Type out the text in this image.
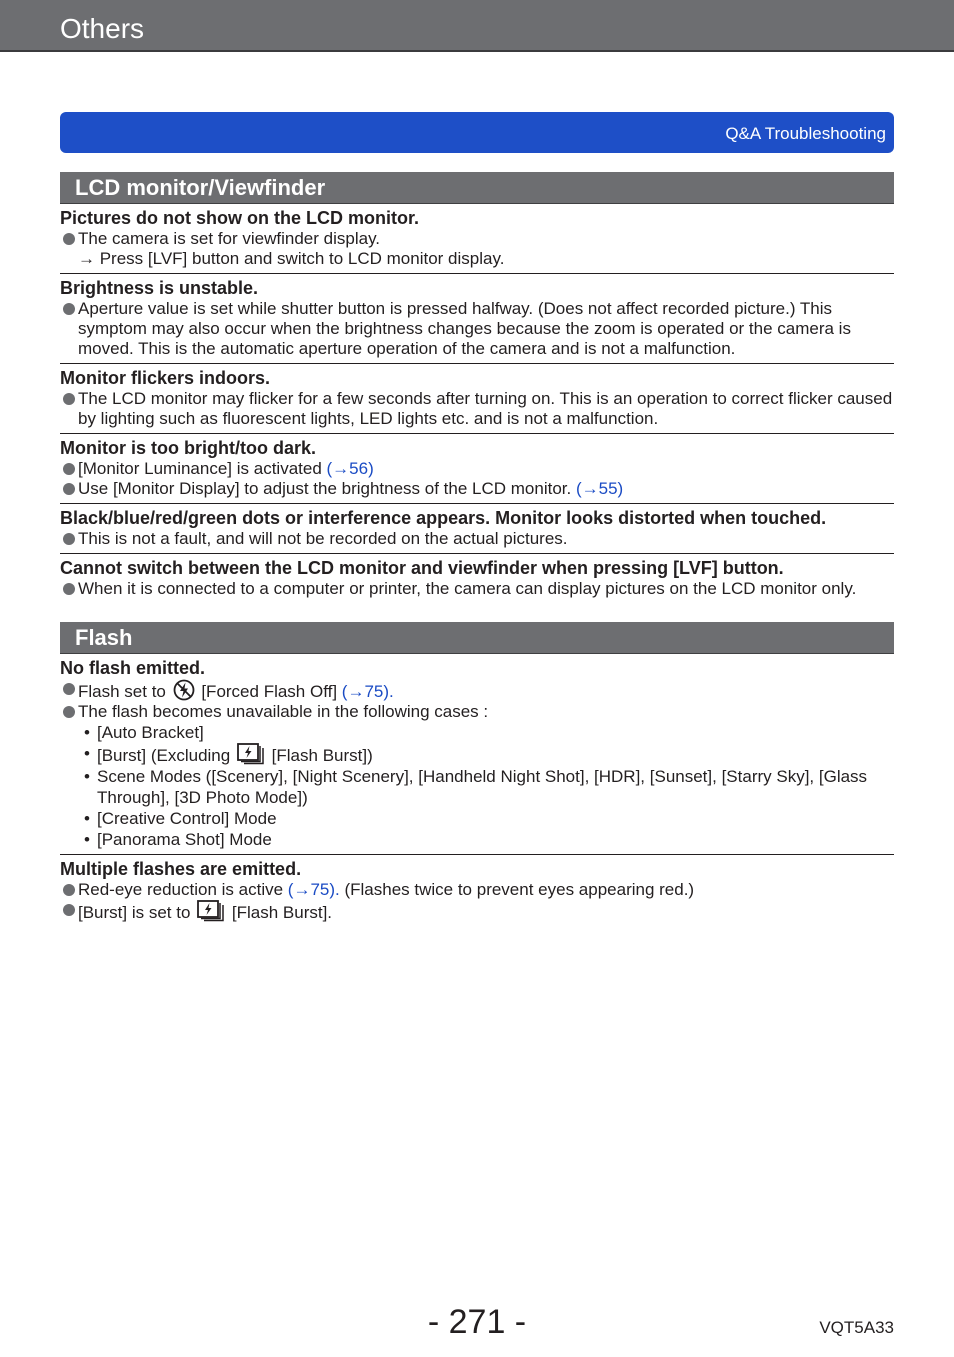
Others
Q&A Troubleshooting
LCD monitor/Viewfinder
Pictures do not show on the LCD monitor.
The camera is set for viewfinder display.
→ Press [LVF] button and switch to LCD monitor display.
Brightness is unstable.
Aperture value is set while shutter button is pressed halfway. (Does not affect recorded picture.) This symptom may also occur when the brightness changes because the zoom is operated or the camera is moved. This is the automatic aperture operation of the camera and is not a malfunction.
Monitor flickers indoors.
The LCD monitor may flicker for a few seconds after turning on. This is an operation to correct flicker caused by lighting such as fluorescent lights, LED lights etc. and is not a malfunction.
Monitor is too bright/too dark.
[Monitor Luminance] is activated (→56)
Use [Monitor Display] to adjust the brightness of the LCD monitor. (→55)
Black/blue/red/green dots or interference appears. Monitor looks distorted when touched.
This is not a fault, and will not be recorded on the actual pictures.
Cannot switch between the LCD monitor and viewfinder when pressing [LVF] button.
When it is connected to a computer or printer, the camera can display pictures on the LCD monitor only.
Flash
No flash emitted.
Flash set to  [Forced Flash Off] (→75).
The flash becomes unavailable in the following cases :
• [Auto Bracket]
• [Burst] (Excluding  [Flash Burst])
• Scene Modes ([Scenery], [Night Scenery], [Handheld Night Shot], [HDR], [Sunset], [Starry Sky], [Glass Through], [3D Photo Mode])
• [Creative Control] Mode
• [Panorama Shot] Mode
Multiple flashes are emitted.
Red-eye reduction is active (→75). (Flashes twice to prevent eyes appearing red.)
[Burst] is set to  [Flash Burst].
- 271 -	VQT5A33
